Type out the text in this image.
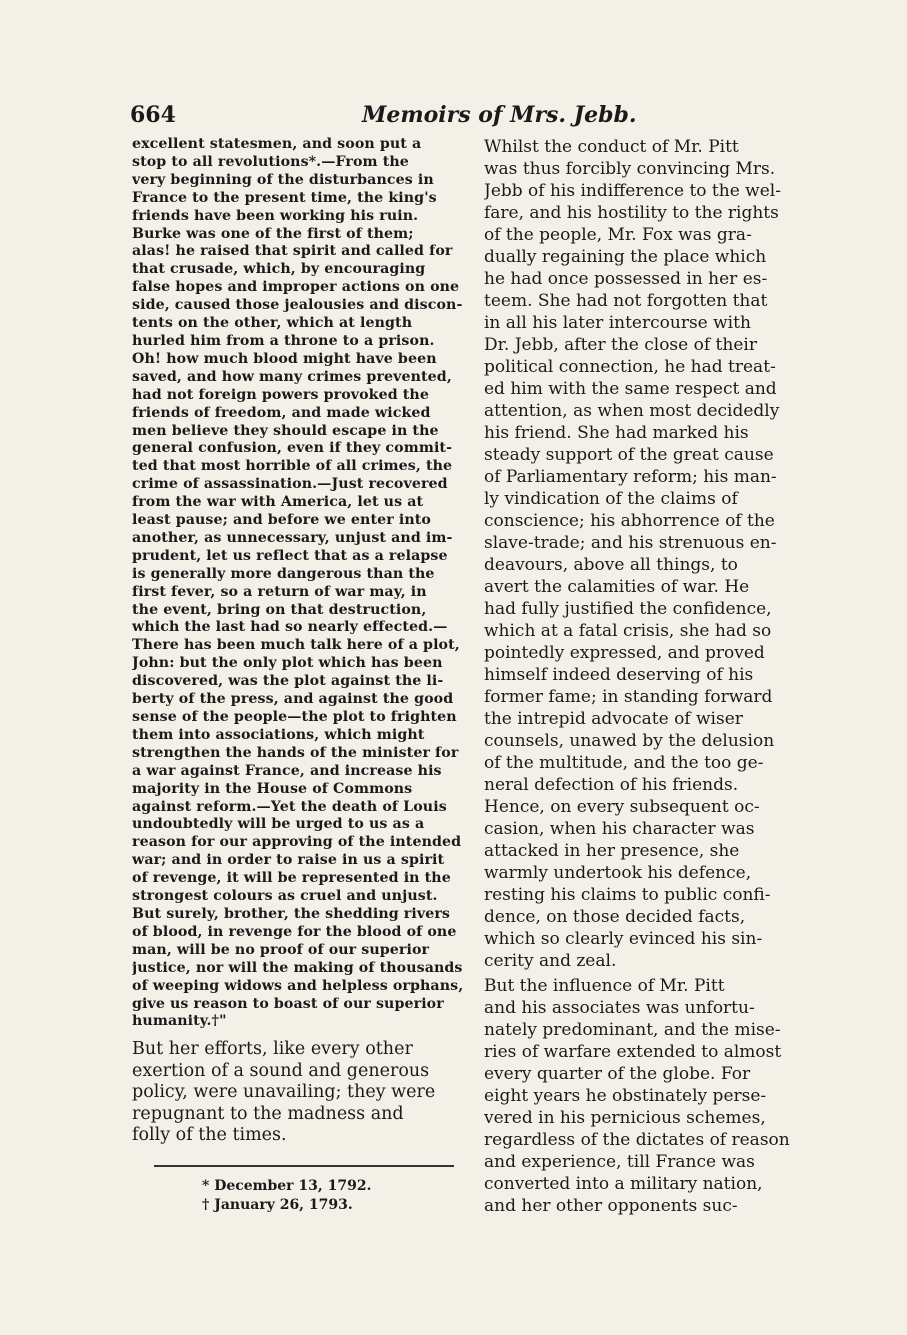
664	Memoirs of Mrs. Jebb.
excellent statesmen, and soon put a
stop to all revolutions*.—From the
very beginning of the disturbances in
France to the present time, the king's
friends have been working his ruin.
Burke was one of the first of them;
alas! he raised that spirit and called for
that crusade, which, by encouraging
false hopes and improper actions on one
side, caused those jealousies and discon-
tents on the other, which at length
hurled him from a throne to a prison.
Oh! how much blood might have been
saved, and how many crimes prevented,
had not foreign powers provoked the
friends of freedom, and made wicked
men believe they should escape in the
general confusion, even if they commit-
ted that most horrible of all crimes, the
crime of assassination.—Just recovered
from the war with America, let us at
least pause; and before we enter into
another, as unnecessary, unjust and im-
prudent, let us reflect that as a relapse
is generally more dangerous than the
first fever, so a return of war may, in
the event, bring on that destruction,
which the last had so nearly effected.—
There has been much talk here of a plot,
John: but the only plot which has been
discovered, was the plot against the li-
berty of the press, and against the good
sense of the people—the plot to frighten
them into associations, which might
strengthen the hands of the minister for
a war against France, and increase his
majority in the House of Commons
against reform.—Yet the death of Louis
undoubtedly will be urged to us as a
reason for our approving of the intended
war; and in order to raise in us a spirit
of revenge, it will be represented in the
strongest colours as cruel and unjust.
But surely, brother, the shedding rivers
of blood, in revenge for the blood of one
man, will be no proof of our superior
justice, nor will the making of thousands
of weeping widows and helpless orphans,
give us reason to boast of our superior
humanity.†"
But her efforts, like every other
exertion of a sound and generous
policy, were unavailing; they were
repugnant to the madness and
folly of the times.
* December 13, 1792.
† January 26, 1793.
Whilst the conduct of Mr. Pitt
was thus forcibly convincing Mrs.
Jebb of his indifference to the wel-
fare, and his hostility to the rights
of the people, Mr. Fox was gra-
dually regaining the place which
he had once possessed in her es-
teem. She had not forgotten that
in all his later intercourse with
Dr. Jebb, after the close of their
political connection, he had treat-
ed him with the same respect and
attention, as when most decidedly
his friend. She had marked his
steady support of the great cause
of Parliamentary reform; his man-
ly vindication of the claims of
conscience; his abhorrence of the
slave-trade; and his strenuous en-
deavours, above all things, to
avert the calamities of war. He
had fully justified the confidence,
which at a fatal crisis, she had so
pointedly expressed, and proved
himself indeed deserving of his
former fame; in standing forward
the intrepid advocate of wiser
counsels, unawed by the delusion
of the multitude, and the too ge-
neral defection of his friends.
Hence, on every subsequent oc-
casion, when his character was
attacked in her presence, she
warmly undertook his defence,
resting his claims to public confi-
dence, on those decided facts,
which so clearly evinced his sin-
cerity and zeal.
But the influence of Mr. Pitt
and his associates was unfortu-
nately predominant, and the mise-
ries of warfare extended to almost
every quarter of the globe. For
eight years he obstinately perse-
vered in his pernicious schemes,
regardless of the dictates of reason
and experience, till France was
converted into a military nation,
and her other opponents suc-
